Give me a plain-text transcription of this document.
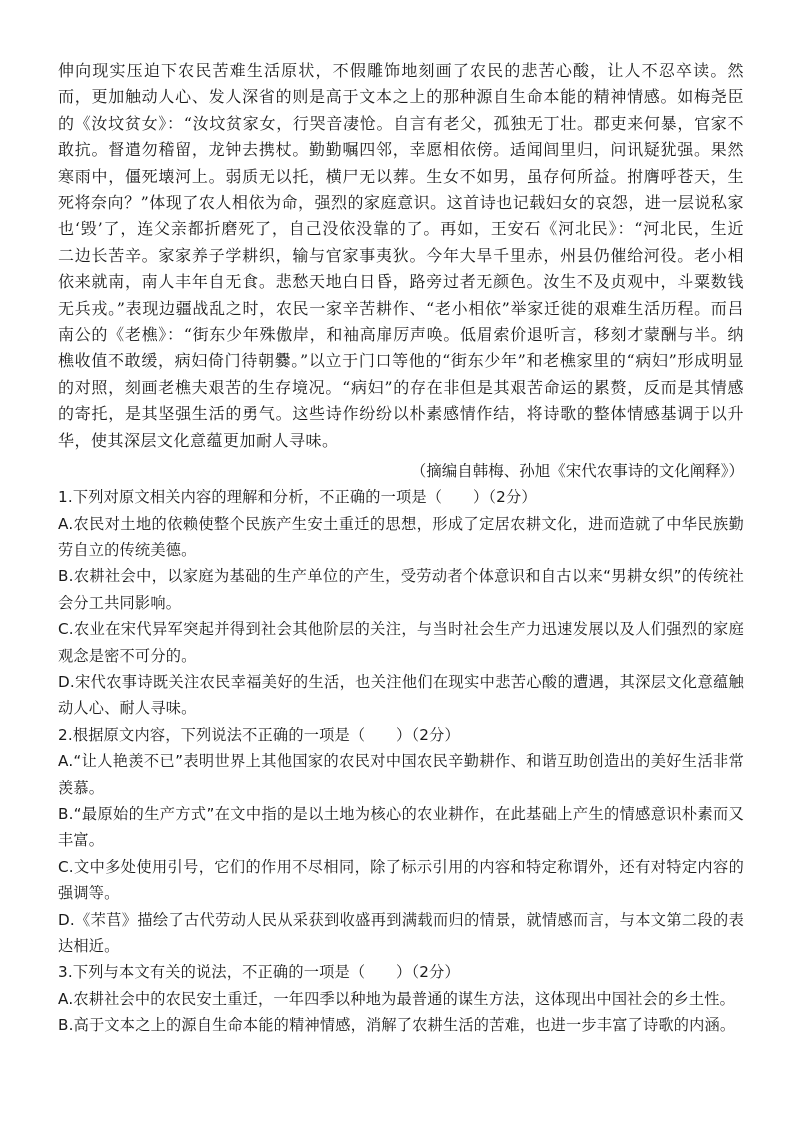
伸向现实压迫下农民苦难生活原状，不假雕饰地刻画了农民的悲苦心酸，让人不忍卒读。然而，更加触动人心、发人深省的则是高于文本之上的那种源自生命本能的精神情感。如梅尧臣的《汝坟贫女》：“汝坟贫家女，行哭音凄怆。自言有老父，孤独无丁壮。郡吏来何暴，官家不敢抗。督遣勿稽留，龙钟去携杖。勤勤嘱四邻，幸愿相依傍。适闻闾里归，问讯疑犹强。果然寒雨中，僵死壊河上。弱质无以托，横尸无以葬。生女不如男，虽存何所益。拊膺呼苍天，生死将奈向？”体现了农人相依为命，强烈的家庭意识。这首诗也记载妇女的哀怨，进一层说私家也‘毁’了，连父亲都折磨死了，自己没依没靠的了。再如，王安石《河北民》：“河北民，生近二边长苦辛。家家养子学耕织，输与官家事夷狄。今年大旱千里赤，州县仍催给河役。老小相依来就南，南人丰年自无食。悲愁天地白日昏，路旁过者无颜色。汝生不及贞观中，斗粟数钱无兵戎。”表现边疆战乱之时，农民一家辛苦耕作、“老小相依”举家迁徙的艰难生活历程。而吕南公的《老樵》：“街东少年殊傲岸，和袖高扉厉声唤。低眉索价退听言，移刻才蒙酬与半。纳樵收值不敢缓，病妇倚门待朝爨。”以立于门口等他的“街东少年”和老樵家里的“病妇”形成明显的对照，刻画老樵夫艰苦的生存境况。“病妇”的存在非但是其艰苦命运的累赘，反而是其情感的寄托，是其坚强生活的勇气。这些诗作纷纷以朴素感情作结，将诗歌的整体情感基调于以升华，使其深层文化意蕴更加耐人寻味。

（摘编自韩梅、孙旭《宋代农事诗的文化阐释》）

1.下列对原文相关内容的理解和分析，不正确的一项是（　　）（2分）

A.农民对土地的依赖使整个民族产生安土重迁的思想，形成了定居农耕文化，进而造就了中华民族勤劳自立的传统美德。

B.农耕社会中，以家庭为基础的生产单位的产生，受劳动者个体意识和自古以来“男耕女织”的传统社会分工共同影响。

C.农业在宋代异军突起并得到社会其他阶层的关注，与当时社会生产力迅速发展以及人们强烈的家庭观念是密不可分的。

D.宋代农事诗既关注农民幸福美好的生活，也关注他们在现实中悲苦心酸的遭遇，其深层文化意蕴触动人心、耐人寻味。

2.根据原文内容，下列说法不正确的一项是（　　）（2分）

A.“让人艳羡不已”表明世界上其他国家的农民对中国农民辛勤耕作、和谐互助创造出的美好生活非常羡慕。

B.“最原始的生产方式”在文中指的是以土地为核心的农业耕作，在此基础上产生的情感意识朴素而又丰富。

C.文中多处使用引号，它们的作用不尽相同，除了标示引用的内容和特定称谓外，还有对特定内容的强调等。

D.《芣苢》描绘了古代劳动人民从采获到收盛再到满载而归的情景，就情感而言，与本文第二段的表达相近。

3.下列与本文有关的说法，不正确的一项是（　　）（2分）

A.农耕社会中的农民安土重迁，一年四季以种地为最普通的谋生方法，这体现出中国社会的乡土性。

B.高于文本之上的源自生命本能的精神情感，消解了农耕生活的苦难，也进一步丰富了诗歌的内涵。
